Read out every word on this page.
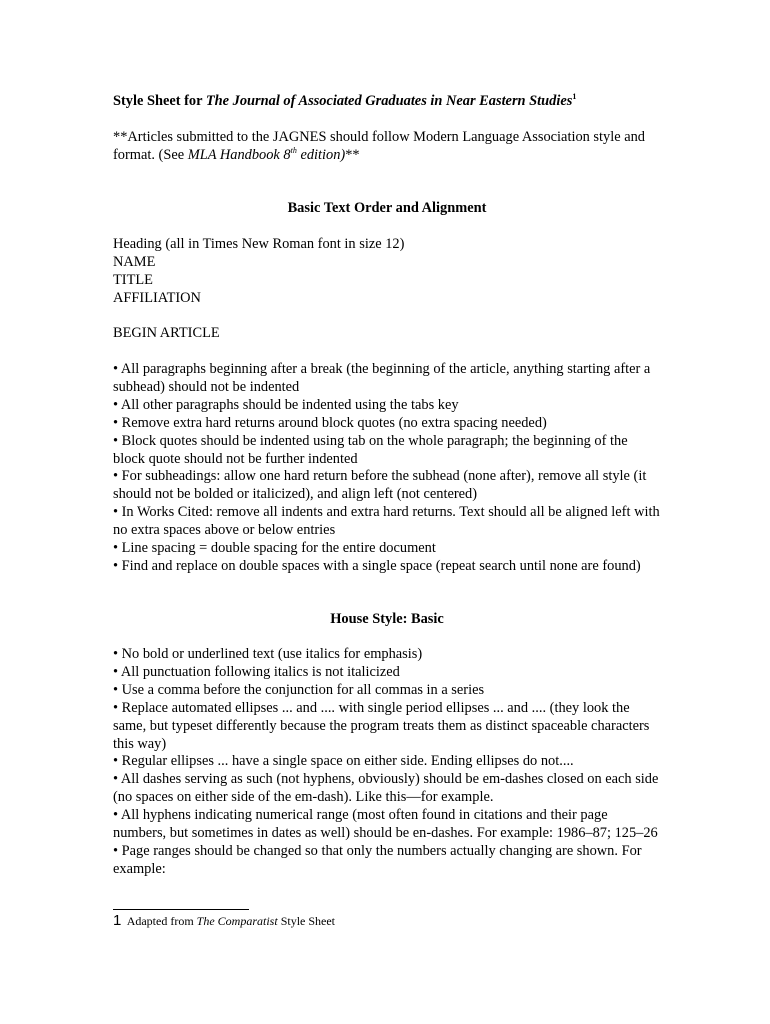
Style Sheet for The Journal of Associated Graduates in Near Eastern Studies$^1$
**Articles submitted to the JAGNES should follow Modern Language Association style and format. (See MLA Handbook 8th edition)**
Basic Text Order and Alignment
Heading (all in Times New Roman font in size 12)
NAME
TITLE
AFFILIATION
BEGIN ARTICLE
• All paragraphs beginning after a break (the beginning of the article, anything starting after a subhead) should not be indented
• All other paragraphs should be indented using the tabs key
• Remove extra hard returns around block quotes (no extra spacing needed)
• Block quotes should be indented using tab on the whole paragraph; the beginning of the block quote should not be further indented
• For subheadings: allow one hard return before the subhead (none after), remove all style (it should not be bolded or italicized), and align left (not centered)
• In Works Cited: remove all indents and extra hard returns. Text should all be aligned left with no extra spaces above or below entries
• Line spacing = double spacing for the entire document
• Find and replace on double spaces with a single space (repeat search until none are found)
House Style: Basic
• No bold or underlined text (use italics for emphasis)
• All punctuation following italics is not italicized
• Use a comma before the conjunction for all commas in a series
• Replace automated ellipses ... and .... with single period ellipses ... and .... (they look the same, but typeset differently because the program treats them as distinct spaceable characters this way)
• Regular ellipses ... have a single space on either side. Ending ellipses do not....
• All dashes serving as such (not hyphens, obviously) should be em-dashes closed on each side (no spaces on either side of the em-dash). Like this—for example.
• All hyphens indicating numerical range (most often found in citations and their page numbers, but sometimes in dates as well) should be en-dashes. For example: 1986–87; 125–26
• Page ranges should be changed so that only the numbers actually changing are shown. For example:
1 Adapted from The Comparatist Style Sheet
